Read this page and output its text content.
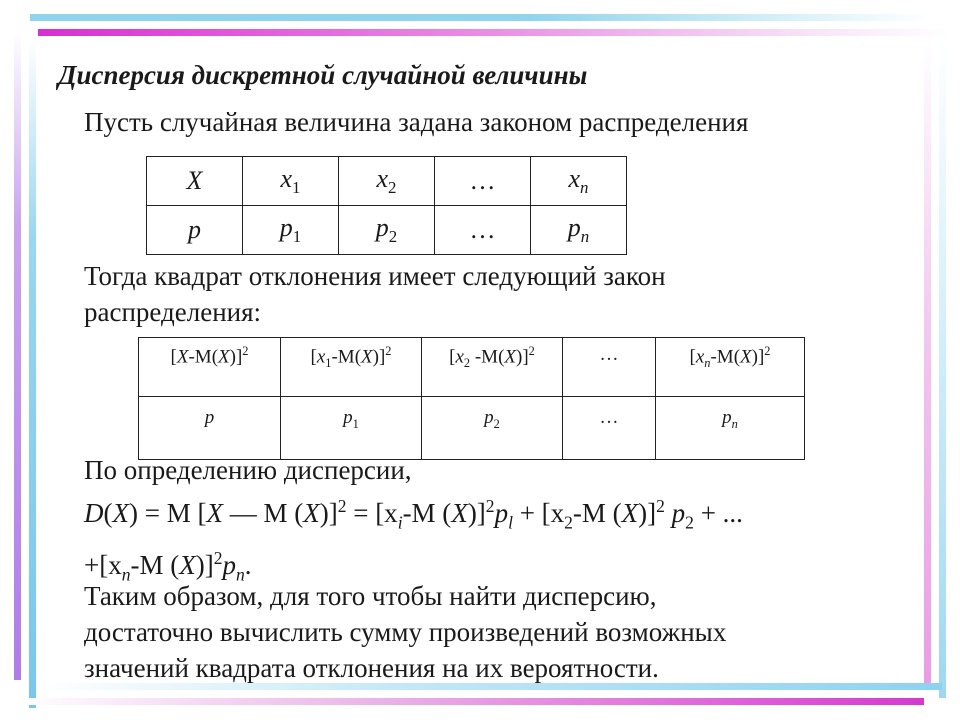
Дисперсия дискретной случайной величины

Пусть случайная величина задана законом распределения

X	$x_1$	$x_2$	…	$x_n$
p	$p_1$	$p_2$	…	$p_n$

Тогда квадрат отклонения имеет следующий закон
распределения:

$[X-M(X)]^2$	$[x_1-M(X)]^2$	[$x_2$ -M(X)]$^2$	…	$[x_n-M(X)]^2$
p	$p_1$	$p_2$	…	$p_n$

По определению дисперсии,
D(X) = M [X — M $(X)]^2 = [x_i-M$ $(X)]^2p_l + [x_2-M$ (X)]$^2$ $p_2$ + ...
$+[x_n-M$ $(X)]^2p_n$.

Таким образом, для того чтобы найти дисперсию,
достаточно вычислить сумму произведений возможных
значений квадрата отклонения на их вероятности.
